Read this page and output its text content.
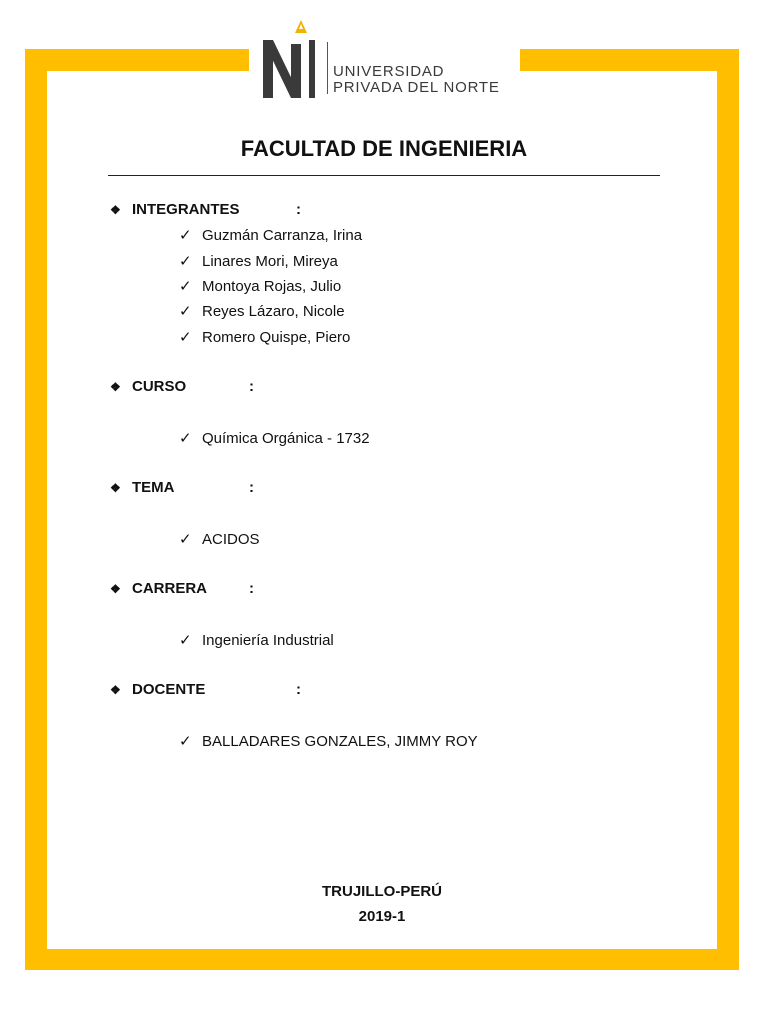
UNIVERSIDAD
PRIVADA DEL NORTE
FACULTAD DE INGENIERIA
❖ INTEGRANTES	:
✓ Guzmán Carranza, Irina
✓ Linares Mori, Mireya
✓ Montoya Rojas, Julio
✓ Reyes Lázaro, Nicole
✓ Romero Quispe, Piero
❖ CURSO	:
✓ Química Orgánica - 1732
❖ TEMA	:
✓ ACIDOS
❖ CARRERA	:
✓ Ingeniería Industrial
❖ DOCENTE	:
✓ BALLADARES GONZALES, JIMMY ROY
TRUJILLO-PERÚ
2019-1
